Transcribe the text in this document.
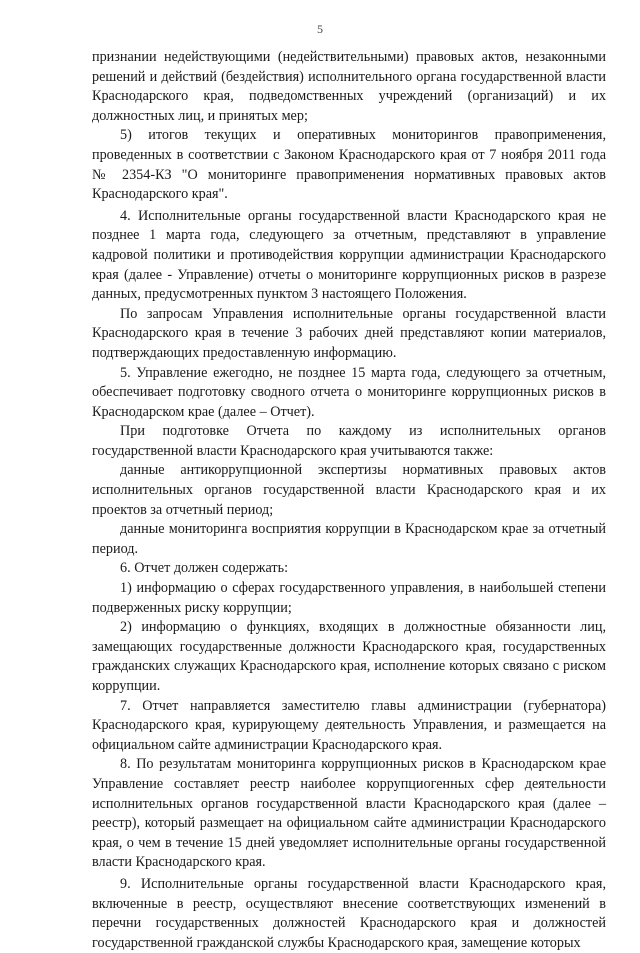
5

признании недействующими (недействительными) правовых актов, незаконными решений и действий (бездействия) исполнительного органа государственной власти Краснодарского края, подведомственных учреждений (организаций) и их должностных лиц, и принятых мер;

5) итогов текущих и оперативных мониторингов правоприменения, проведенных в соответствии с Законом Краснодарского края от 7 ноября 2011 года № 2354-КЗ "О мониторинге правоприменения нормативных правовых актов Краснодарского края".

4. Исполнительные органы государственной власти Краснодарского края не позднее 1 марта года, следующего за отчетным, представляют в управление кадровой политики и противодействия коррупции администрации Краснодарского края (далее - Управление) отчеты о мониторинге коррупционных рисков в разрезе данных, предусмотренных пунктом 3 настоящего Положения.

По запросам Управления исполнительные органы государственной власти Краснодарского края в течение 3 рабочих дней представляют копии материалов, подтверждающих предоставленную информацию.

5. Управление ежегодно, не позднее 15 марта года, следующего за отчетным, обеспечивает подготовку сводного отчета о мониторинге коррупционных рисков в Краснодарском крае (далее – Отчет).

При подготовке Отчета по каждому из исполнительных органов государственной власти Краснодарского края учитываются также:

данные антикоррупционной экспертизы нормативных правовых актов исполнительных органов государственной власти Краснодарского края и их проектов за отчетный период;

данные мониторинга восприятия коррупции в Краснодарском крае за отчетный период.

6. Отчет должен содержать:

1) информацию о сферах государственного управления, в наибольшей степени подверженных риску коррупции;

2) информацию о функциях, входящих в должностные обязанности лиц, замещающих государственные должности Краснодарского края, государственных гражданских служащих Краснодарского края, исполнение которых связано с риском коррупции.

7. Отчет направляется заместителю главы администрации (губернатора) Краснодарского края, курирующему деятельность Управления, и размещается на официальном сайте администрации Краснодарского края.

8. По результатам мониторинга коррупционных рисков в Краснодарском крае Управление составляет реестр наиболее коррупциогенных сфер деятельности исполнительных органов государственной власти Краснодарского края (далее – реестр), который размещает на официальном сайте администрации Краснодарского края, о чем в течение 15 дней уведомляет исполнительные органы государственной власти Краснодарского края.

9. Исполнительные органы государственной власти Краснодарского края, включенные в реестр, осуществляют внесение соответствующих изменений в перечни государственных должностей Краснодарского края и должностей государственной гражданской службы Краснодарского края, замещение которых
